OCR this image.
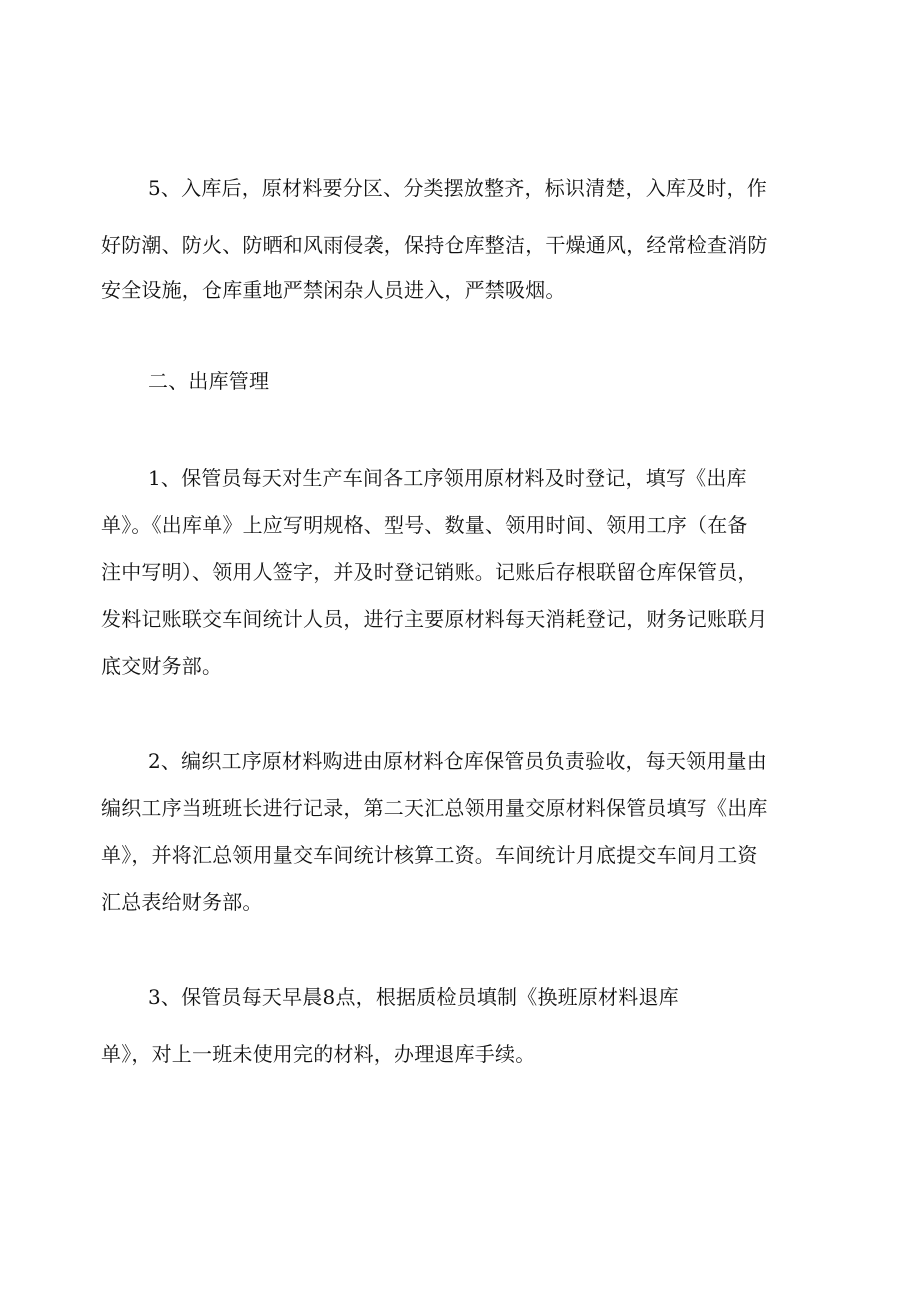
5、入库后，原材料要分区、分类摆放整齐，标识清楚，入库及时，作
好防潮、防火、防晒和风雨侵袭，保持仓库整洁，干燥通风，经常检查消防
安全设施，仓库重地严禁闲杂人员进入，严禁吸烟。
二、出库管理
1、保管员每天对生产车间各工序领用原材料及时登记，填写《出库
单》。《出库单》上应写明规格、型号、数量、领用时间、领用工序（在备
注中写明）、领用人签字，并及时登记销账。记账后存根联留仓库保管员，
发料记账联交车间统计人员，进行主要原材料每天消耗登记，财务记账联月
底交财务部。
2、编织工序原材料购进由原材料仓库保管员负责验收，每天领用量由
编织工序当班班长进行记录，第二天汇总领用量交原材料保管员填写《出库
单》，并将汇总领用量交车间统计核算工资。车间统计月底提交车间月工资
汇总表给财务部。
3、保管员每天早晨8点，根据质检员填制《换班原材料退库
单》，对上一班未使用完的材料，办理退库手续。
